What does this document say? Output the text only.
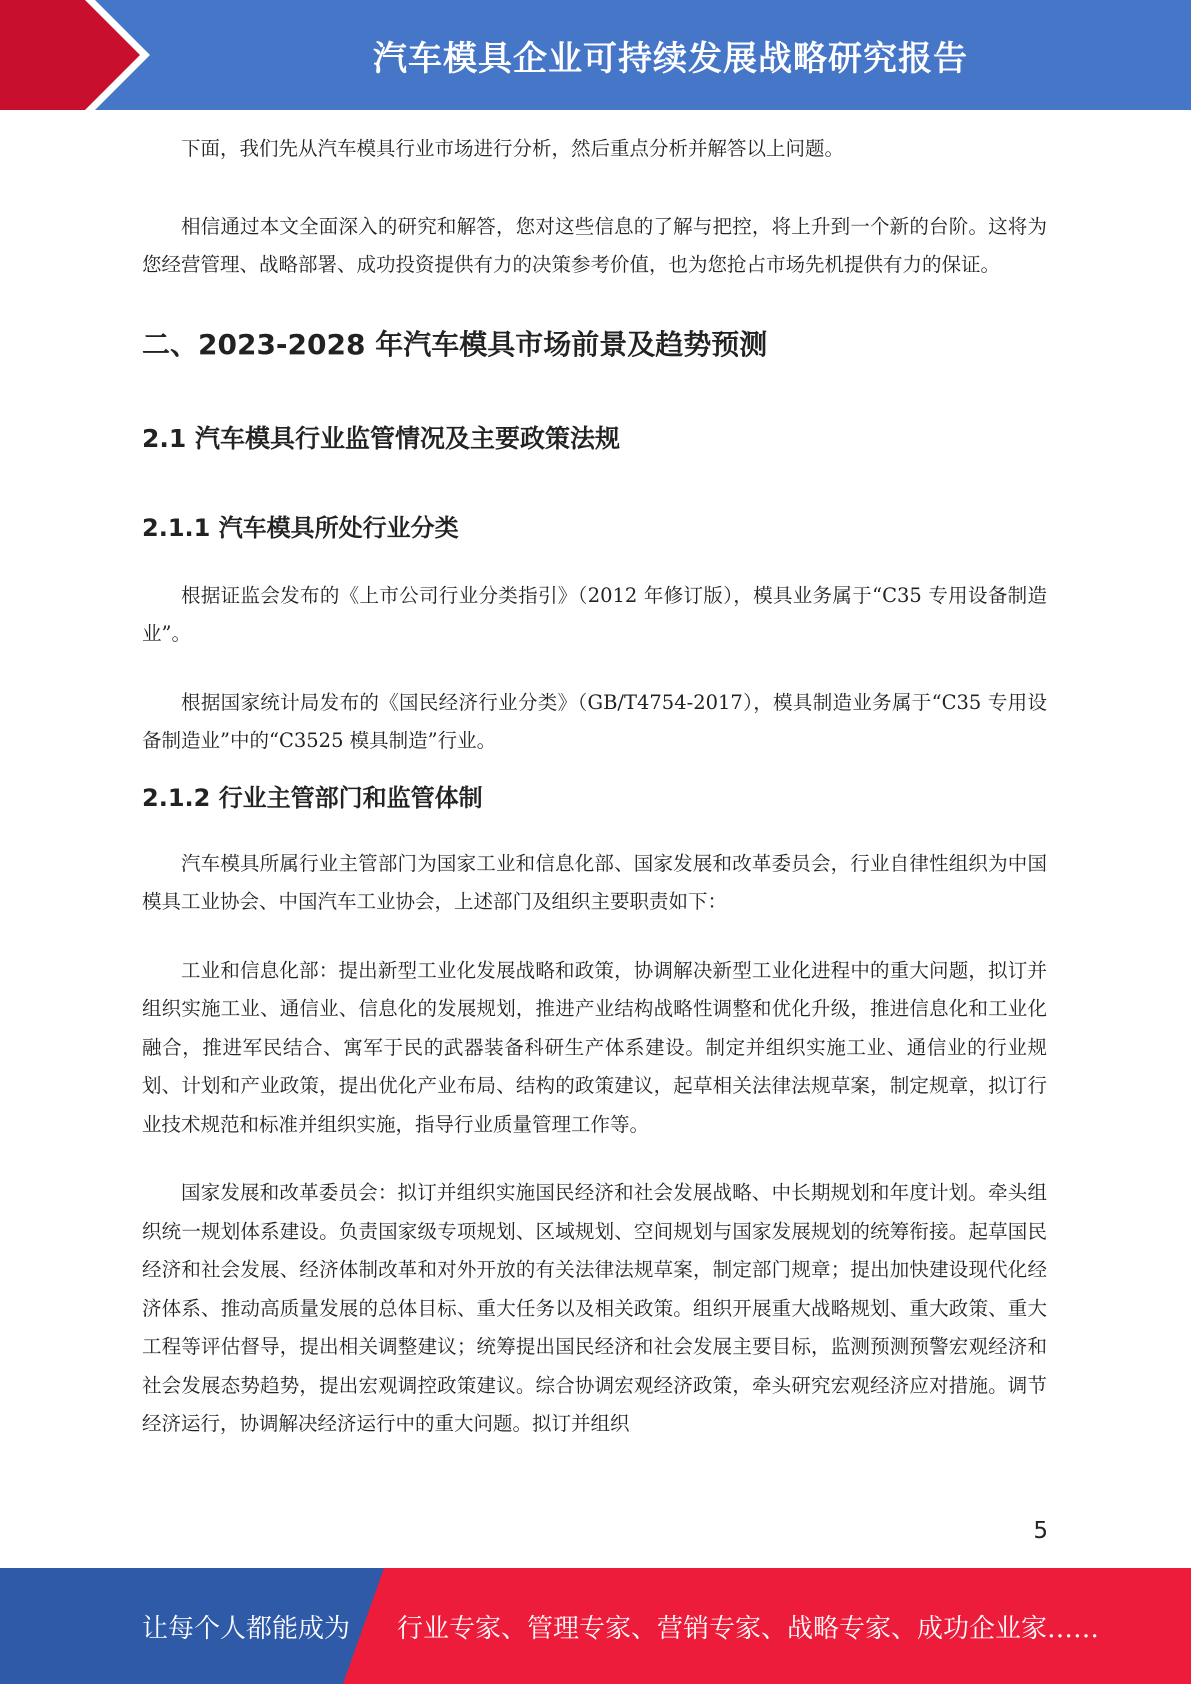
汽车模具企业可持续发展战略研究报告

下面，我们先从汽车模具行业市场进行分析，然后重点分析并解答以上问题。

相信通过本文全面深入的研究和解答，您对这些信息的了解与把控，将上升到一个新的台阶。这将为您经营管理、战略部署、成功投资提供有力的决策参考价值，也为您抢占市场先机提供有力的保证。

二、2023-2028 年汽车模具市场前景及趋势预测
2.1 汽车模具行业监管情况及主要政策法规
2.1.1 汽车模具所处行业分类

根据证监会发布的《上市公司行业分类指引》（2012 年修订版），模具业务属于“C35 专用设备制造业”。

根据国家统计局发布的《国民经济行业分类》（GB/T4754-2017），模具制造业务属于“C35 专用设备制造业”中的“C3525 模具制造”行业。

2.1.2 行业主管部门和监管体制

汽车模具所属行业主管部门为国家工业和信息化部、国家发展和改革委员会，行业自律性组织为中国模具工业协会、中国汽车工业协会，上述部门及组织主要职责如下：

工业和信息化部：提出新型工业化发展战略和政策，协调解决新型工业化进程中的重大问题，拟订并组织实施工业、通信业、信息化的发展规划，推进产业结构战略性调整和优化升级，推进信息化和工业化融合，推进军民结合、寓军于民的武器装备科研生产体系建设。制定并组织实施工业、通信业的行业规划、计划和产业政策，提出优化产业布局、结构的政策建议，起草相关法律法规草案，制定规章，拟订行业技术规范和标准并组织实施，指导行业质量管理工作等。

国家发展和改革委员会：拟订并组织实施国民经济和社会发展战略、中长期规划和年度计划。牵头组织统一规划体系建设。负责国家级专项规划、区域规划、空间规划与国家发展规划的统筹衔接。起草国民经济和社会发展、经济体制改革和对外开放的有关法律法规草案，制定部门规章；提出加快建设现代化经济体系、推动高质量发展的总体目标、重大任务以及相关政策。组织开展重大战略规划、重大政策、重大工程等评估督导，提出相关调整建议；统筹提出国民经济和社会发展主要目标，监测预测预警宏观经济和社会发展态势趋势，提出宏观调控政策建议。综合协调宏观经济政策，牵头研究宏观经济应对措施。调节经济运行，协调解决经济运行中的重大问题。拟订并组织

5
让每个人都能成为	行业专家、管理专家、营销专家、战略专家、成功企业家……
